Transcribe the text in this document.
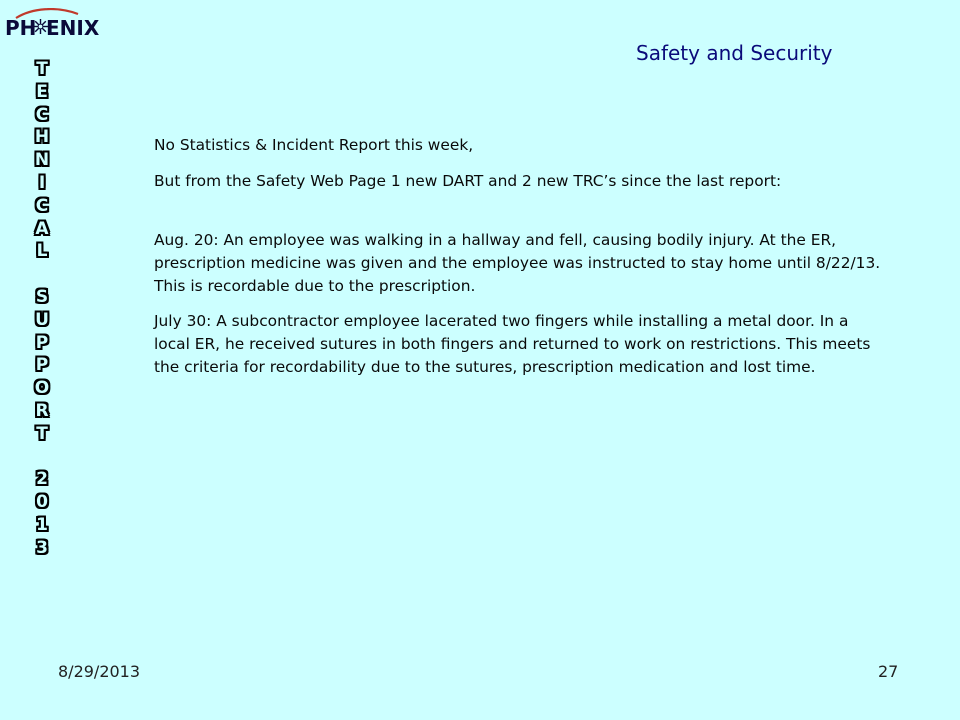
PH ENIX
T
E
C
H
N
I
C
A
L
S
U
P
P
O
R
T
2
0
1
3
Safety and Security

No Statistics & Incident Report this week,

But from the Safety Web Page 1 new DART and 2 new TRC’s since the last report:

Aug. 20: An employee was walking in a hallway and fell, causing bodily injury. At the ER, prescription medicine was given and the employee was instructed to stay home until 8/22/13. This is recordable due to the prescription.

July 30: A subcontractor employee lacerated two fingers while installing a metal door. In a local ER, he received sutures in both fingers and returned to work on restrictions. This meets the criteria for recordability due to the sutures, prescription medication and lost time.

8/29/2013	27
